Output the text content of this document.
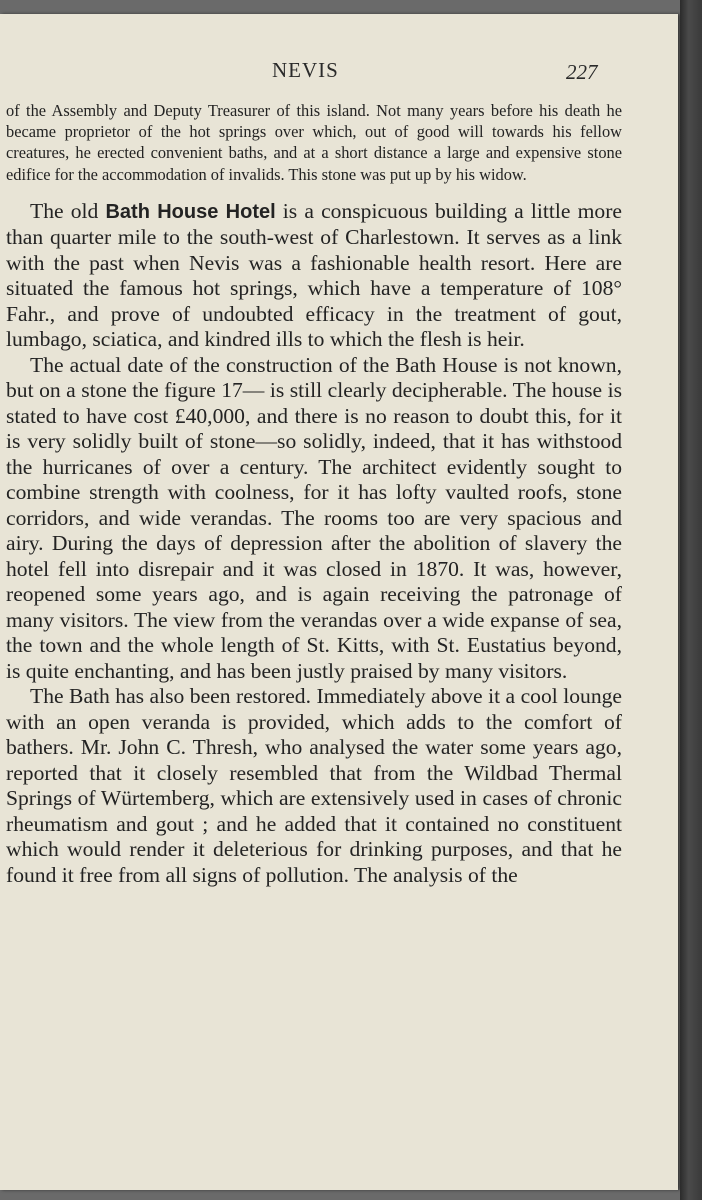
NEVIS	227

of the Assembly and Deputy Treasurer of this island. Not many years before his death he became proprietor of the hot springs over which, out of good will towards his fellow creatures, he erected convenient baths, and at a short distance a large and expensive stone edifice for the accommodation of invalids. This stone was put up by his widow.

The old Bath House Hotel is a conspicuous building a little more than quarter mile to the south-west of Charlestown. It serves as a link with the past when Nevis was a fashionable health resort. Here are situated the famous hot springs, which have a temperature of 108° Fahr., and prove of undoubted efficacy in the treatment of gout, lumbago, sciatica, and kindred ills to which the flesh is heir.

The actual date of the construction of the Bath House is not known, but on a stone the figure 17— is still clearly decipherable. The house is stated to have cost £40,000, and there is no reason to doubt this, for it is very solidly built of stone—so solidly, indeed, that it has withstood the hurricanes of over a century. The architect evidently sought to combine strength with coolness, for it has lofty vaulted roofs, stone corridors, and wide verandas. The rooms too are very spacious and airy. During the days of depression after the abolition of slavery the hotel fell into disrepair and it was closed in 1870. It was, however, reopened some years ago, and is again receiving the patronage of many visitors. The view from the verandas over a wide expanse of sea, the town and the whole length of St. Kitts, with St. Eustatius beyond, is quite enchanting, and has been justly praised by many visitors.

The Bath has also been restored. Immediately above it a cool lounge with an open veranda is provided, which adds to the comfort of bathers. Mr. John C. Thresh, who analysed the water some years ago, reported that it closely resembled that from the Wildbad Thermal Springs of Würtemberg, which are extensively used in cases of chronic rheumatism and gout ; and he added that it contained no constituent which would render it deleterious for drinking purposes, and that he found it free from all signs of pollution. The analysis of the
